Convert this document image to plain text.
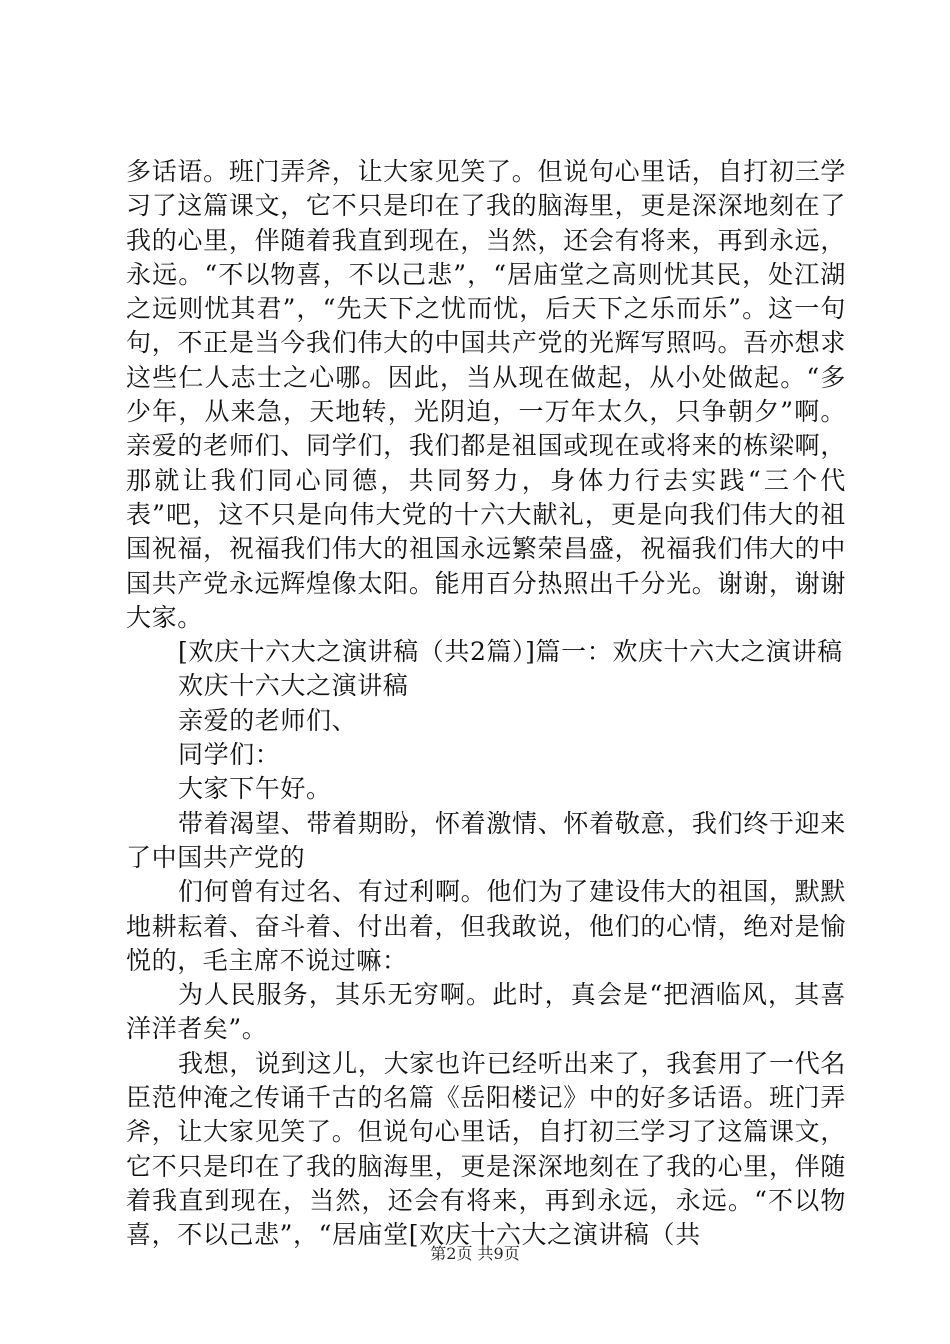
多话语。班门弄斧，让大家见笑了。但说句心里话，自打初三学习了这篇课文，它不只是印在了我的脑海里，更是深深地刻在了我的心里，伴随着我直到现在，当然，还会有将来，再到永远，永远。“不以物喜，不以己悲”，“居庙堂之高则忧其民，处江湖之远则忧其君”，“先天下之忧而忧，后天下之乐而乐”。这一句句，不正是当今我们伟大的中国共产党的光辉写照吗。吾亦想求这些仁人志士之心哪。因此，当从现在做起，从小处做起。“多少年，从来急，天地转，光阴迫，一万年太久，只争朝夕”啊。亲爱的老师们、同学们，我们都是祖国或现在或将来的栋梁啊，那就让我们同心同德，共同努力，身体力行去实践“三个代表”吧，这不只是向伟大党的十六大献礼，更是向我们伟大的祖国祝福，祝福我们伟大的祖国永远繁荣昌盛，祝福我们伟大的中国共产党永远辉煌像太阳。能用百分热照出千分光。谢谢，谢谢大家。

[欢庆十六大之演讲稿（共2篇）]篇一：欢庆十六大之演讲稿

欢庆十六大之演讲稿

亲爱的老师们、

同学们：

大家下午好。

带着渴望、带着期盼，怀着激情、怀着敬意，我们终于迎来了中国共产党的

们何曾有过名、有过利啊。他们为了建设伟大的祖国，默默地耕耘着、奋斗着、付出着，但我敢说，他们的心情，绝对是愉悦的，毛主席不说过嘛：

为人民服务，其乐无穷啊。此时，真会是“把酒临风，其喜洋洋者矣”。

我想，说到这儿，大家也许已经听出来了，我套用了一代名臣范仲淹之传诵千古的名篇《岳阳楼记》中的好多话语。班门弄斧，让大家见笑了。但说句心里话，自打初三学习了这篇课文，它不只是印在了我的脑海里，更是深深地刻在了我的心里，伴随着我直到现在，当然，还会有将来，再到永远，永远。“不以物喜，不以己悲”，“居庙堂[欢庆十六大之演讲稿（共

第2页 共9页
